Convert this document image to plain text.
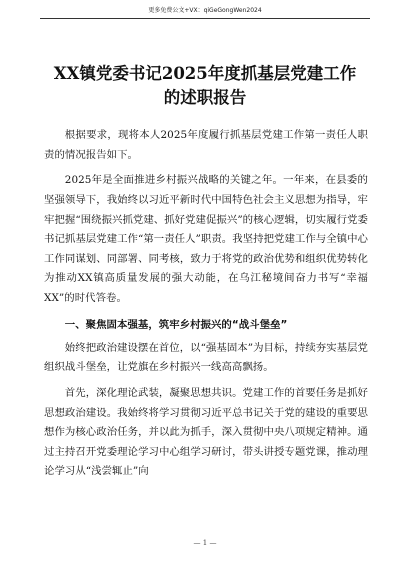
更多免费公文+VX：qiGeGongWen2024
XX镇党委书记2025年度抓基层党建工作
的述职报告

根据要求，现将本人2025年度履行抓基层党建工作第一责任人职责的情况报告如下。

2025年是全面推进乡村振兴战略的关键之年。一年来，在县委的坚强领导下，我始终以习近平新时代中国特色社会主义思想为指导，牢牢把握“围绕振兴抓党建、抓好党建促振兴”的核心逻辑，切实履行党委书记抓基层党建工作“第一责任人”职责。我坚持把党建工作与全镇中心工作同谋划、同部署、同考核，致力于将党的政治优势和组织优势转化为推动XX镇高质量发展的强大动能，在乌江秘境间奋力书写“幸福XX”的时代答卷。

一、聚焦固本强基，筑牢乡村振兴的“战斗堡垒”

始终把政治建设摆在首位，以“强基固本”为目标，持续夯实基层党组织战斗堡垒，让党旗在乡村振兴一线高高飘扬。

首先，深化理论武装，凝聚思想共识。党建工作的首要任务是抓好思想政治建设。我始终将学习贯彻习近平总书记关于党的建设的重要思想作为核心政治任务，并以此为抓手，深入贯彻中央八项规定精神。通过主持召开党委理论学习中心组学习研讨，带头讲授专题党课，推动理论学习从“浅尝辄止”向

— 1 —
